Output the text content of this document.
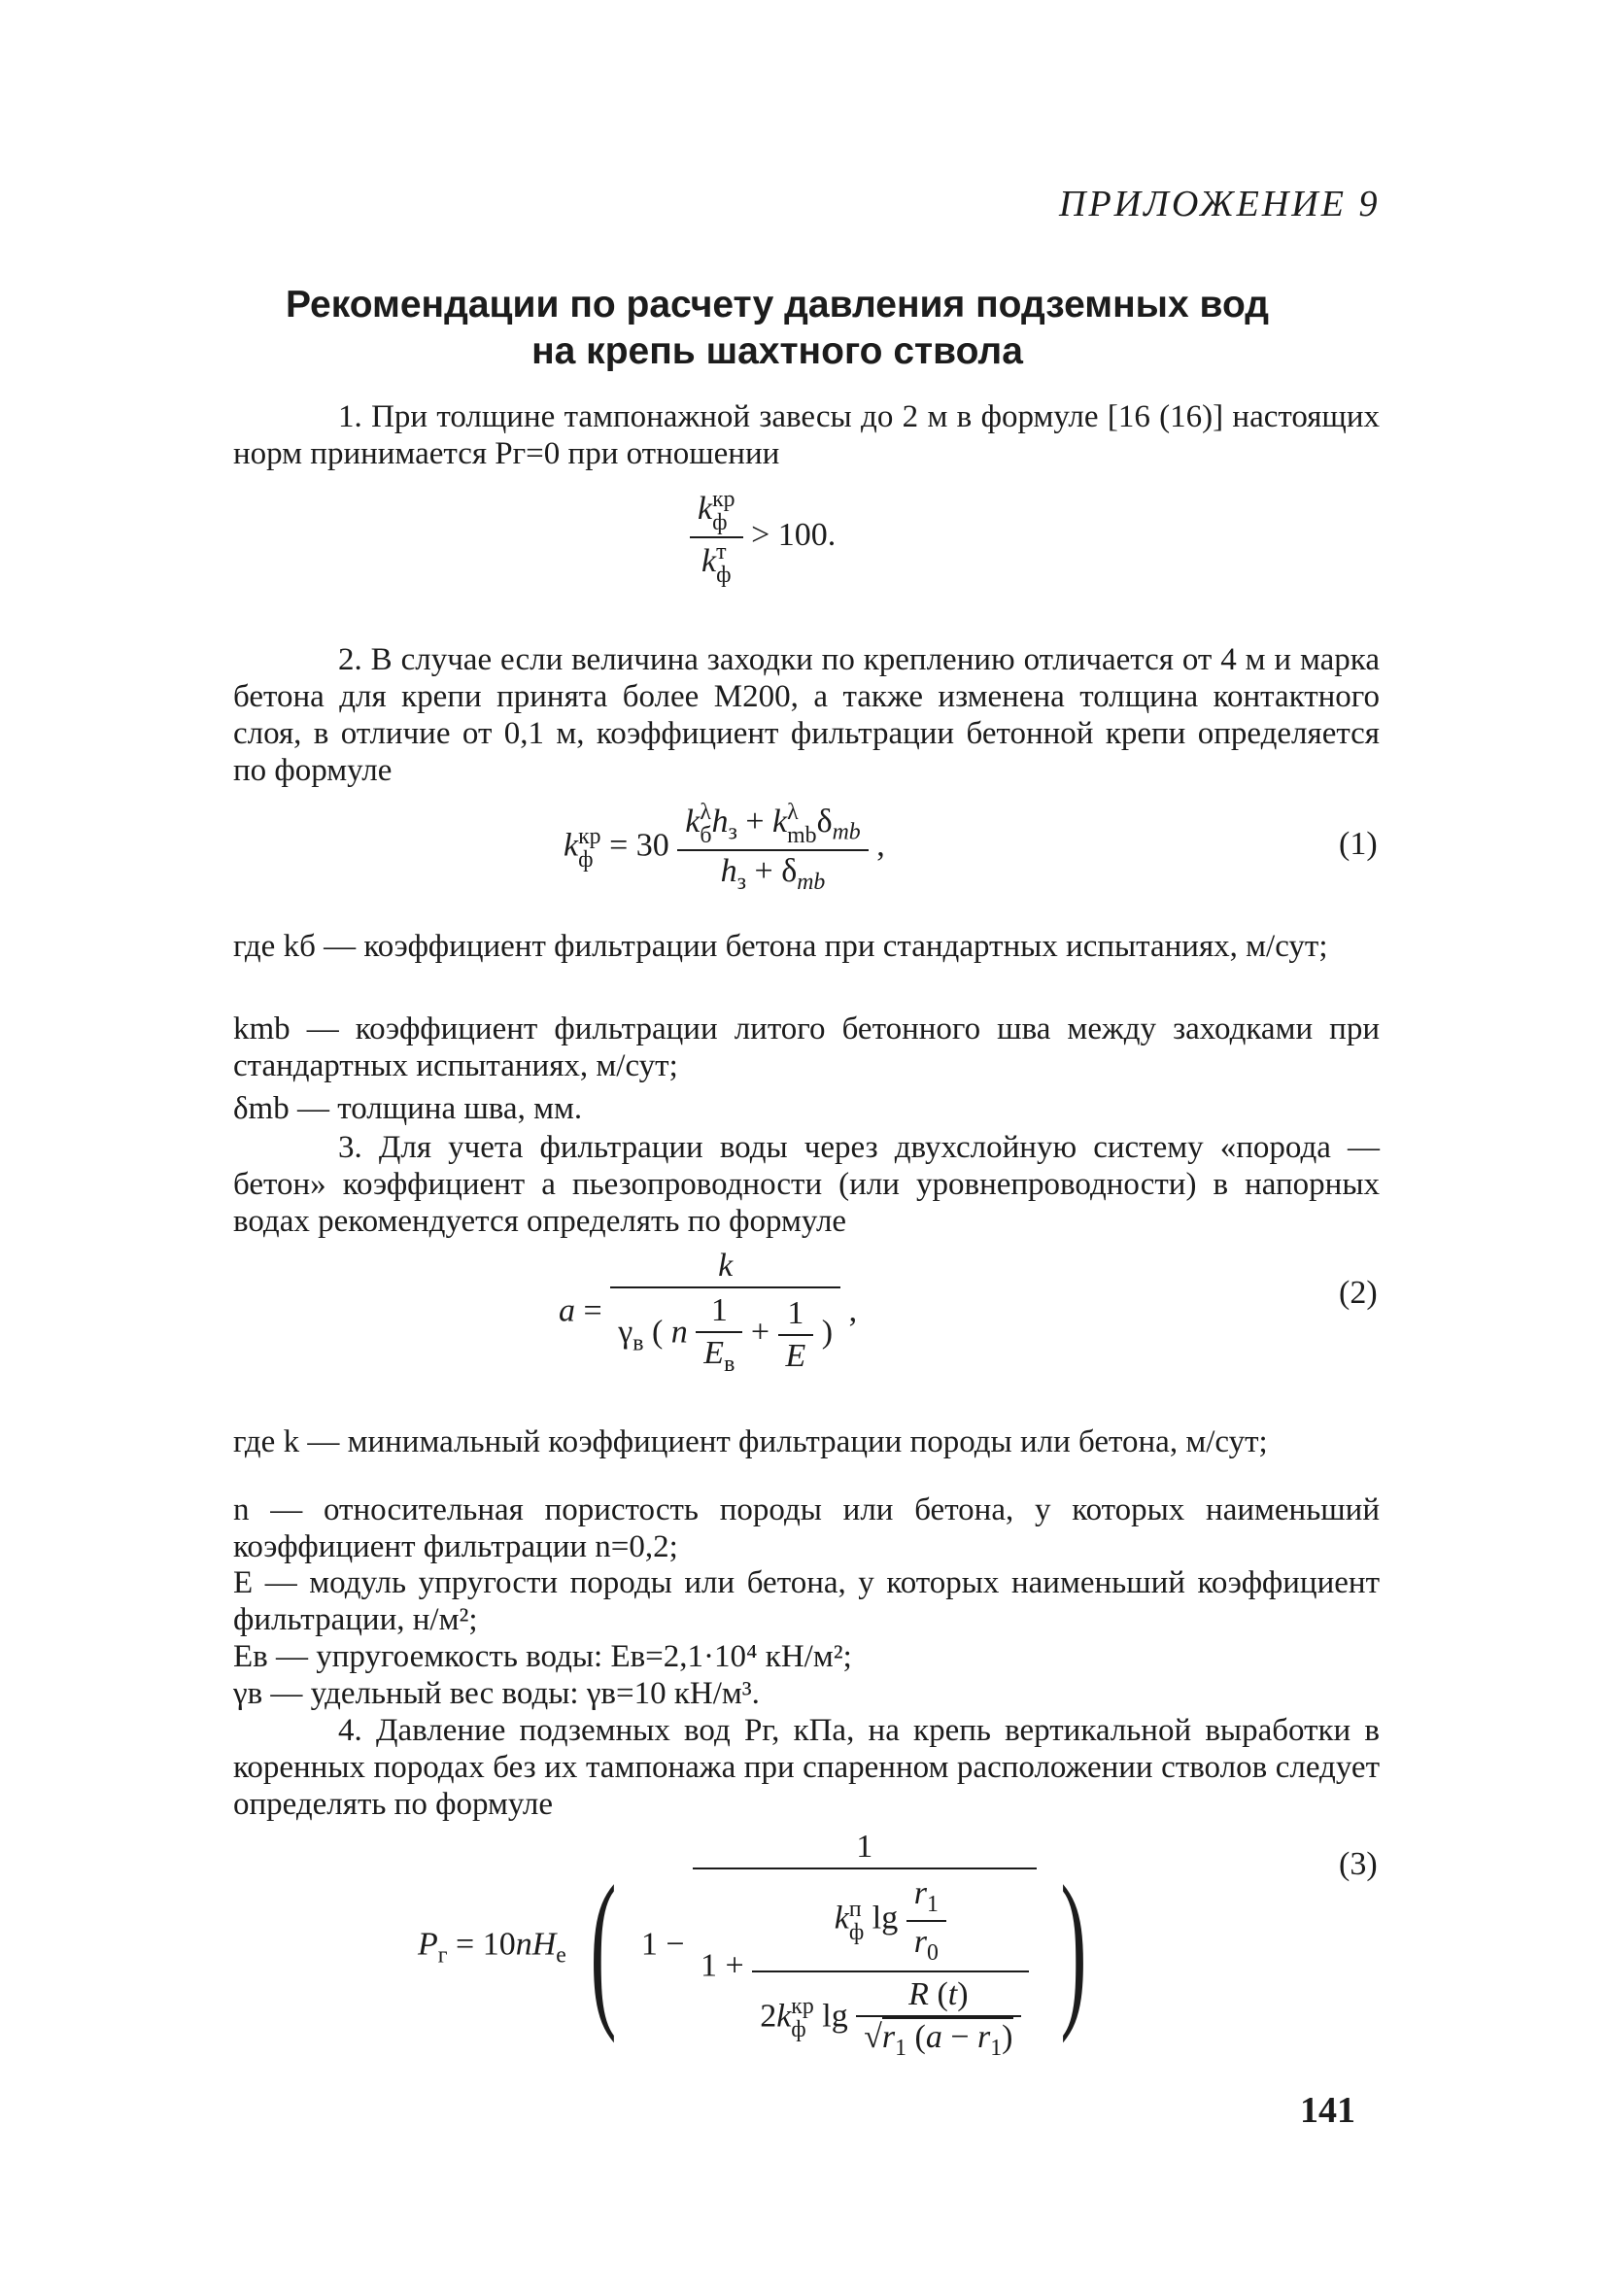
ПРИЛОЖЕНИЕ 9
Рекомендации по расчету давления подземных вод
на крепь шахтного ствола

1. При толщине тампонажной завесы до 2 м в формуле [16 (16)] настоящих норм принимается Pг=0 при отношении

k кр
ф
k т
ф > 100.

2. В случае если величина заходки по креплению отличается от 4 м и марка бетона для крепи принята более М200, а также изменена толщина контактного слоя, в отличие от 0,1 м, коэффициент фильтрации бетонной крепи определяется по формуле

k кр
ф = 30 k λ
б $h_з + k$ λ
mb $\delta_{mb}$
$h_з + \delta_{mb}$ ,	(1)

где kб — коэффициент фильтрации бетона при стандартных испытаниях, м/сут;

kmb — коэффициент фильтрации литого бетонного шва между заходками при стандартных испытаниях, м/сут;

δmb — толщина шва, мм.

3. Для учета фильтрации воды через двухслойную систему «порода — бетон» коэффициент a пьезопроводности (или уровнепроводности) в напорных водах рекомендуется определять по формуле

$a = \frac{k}{\gamma_в ( n \frac{1}{E_в} + \frac{1}{E} )}$ ,
(2)

где k — минимальный коэффициент фильтрации породы или бетона, м/сут;

n — относительная пористость породы или бетона, у которых наименьший коэффициент фильтрации n=0,2;

E — модуль упругости породы или бетона, у которых наименьший коэффициент фильтрации, н/м²;

Eв — упругоемкость воды: Eв=2,1·10⁴ кН/м²;

γв — удельный вес воды: γв=10 кН/м³.

4. Давление подземных вод Pг, кПа, на крепь вертикальной выработки в коренных породах без их тампонажа при спаренном расположении стволов следует определять по формуле

$P_г = 10nH_е$ ( 1 −
1
1 + k п
ф $\lg \frac{r_1}{r_0}$
2k кр
ф $\lg \frac{R (t)}{√r_1 (a - r_1)}$ )	(3)
141
